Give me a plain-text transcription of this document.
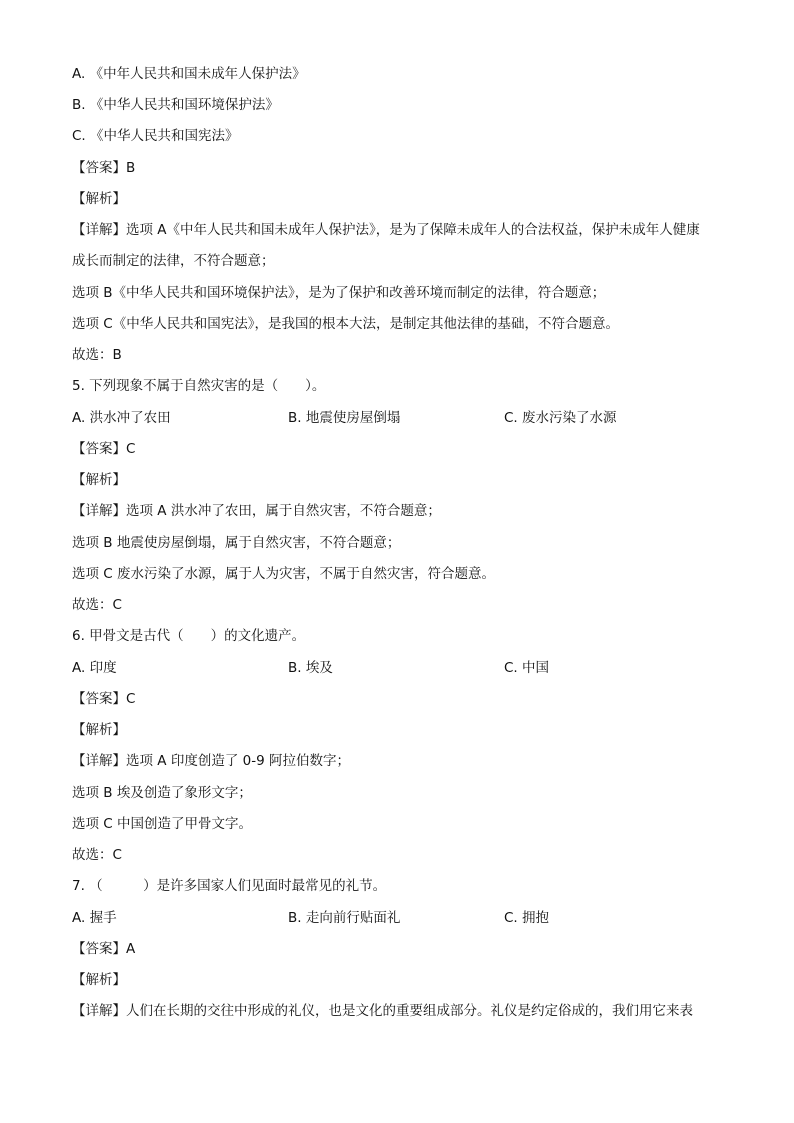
A. 《中年人民共和国未成年人保护法》
B. 《中华人民共和国环境保护法》
C. 《中华人民共和国宪法》
【答案】B
【解析】
【详解】选项 A《中年人民共和国未成年人保护法》，是为了保障未成年人的合法权益，保护未成年人健康
成长而制定的法律，不符合题意；
选项 B《中华人民共和国环境保护法》，是为了保护和改善环境而制定的法律，符合题意；
选项 C《中华人民共和国宪法》，是我国的根本大法，是制定其他法律的基础，不符合题意。
故选：B
5. 下列现象不属于自然灾害的是（　　）。
A. 洪水冲了农田	B. 地震使房屋倒塌	C. 废水污染了水源
【答案】C
【解析】
【详解】选项 A 洪水冲了农田，属于自然灾害，不符合题意；
选项 B 地震使房屋倒塌，属于自然灾害，不符合题意；
选项 C 废水污染了水源，属于人为灾害，不属于自然灾害，符合题意。
故选：C
6. 甲骨文是古代（　　）的文化遗产。
A. 印度	B. 埃及	C. 中国
【答案】C
【解析】
【详解】选项 A 印度创造了 0-9 阿拉伯数字；
选项 B 埃及创造了象形文字；
选项 C 中国创造了甲骨文字。
故选：C
7. （　　　）是许多国家人们见面时最常见的礼节。
A. 握手	B. 走向前行贴面礼	C. 拥抱
【答案】A
【解析】
【详解】人们在长期的交往中形成的礼仪，也是文化的重要组成部分。礼仪是约定俗成的，我们用它来表
